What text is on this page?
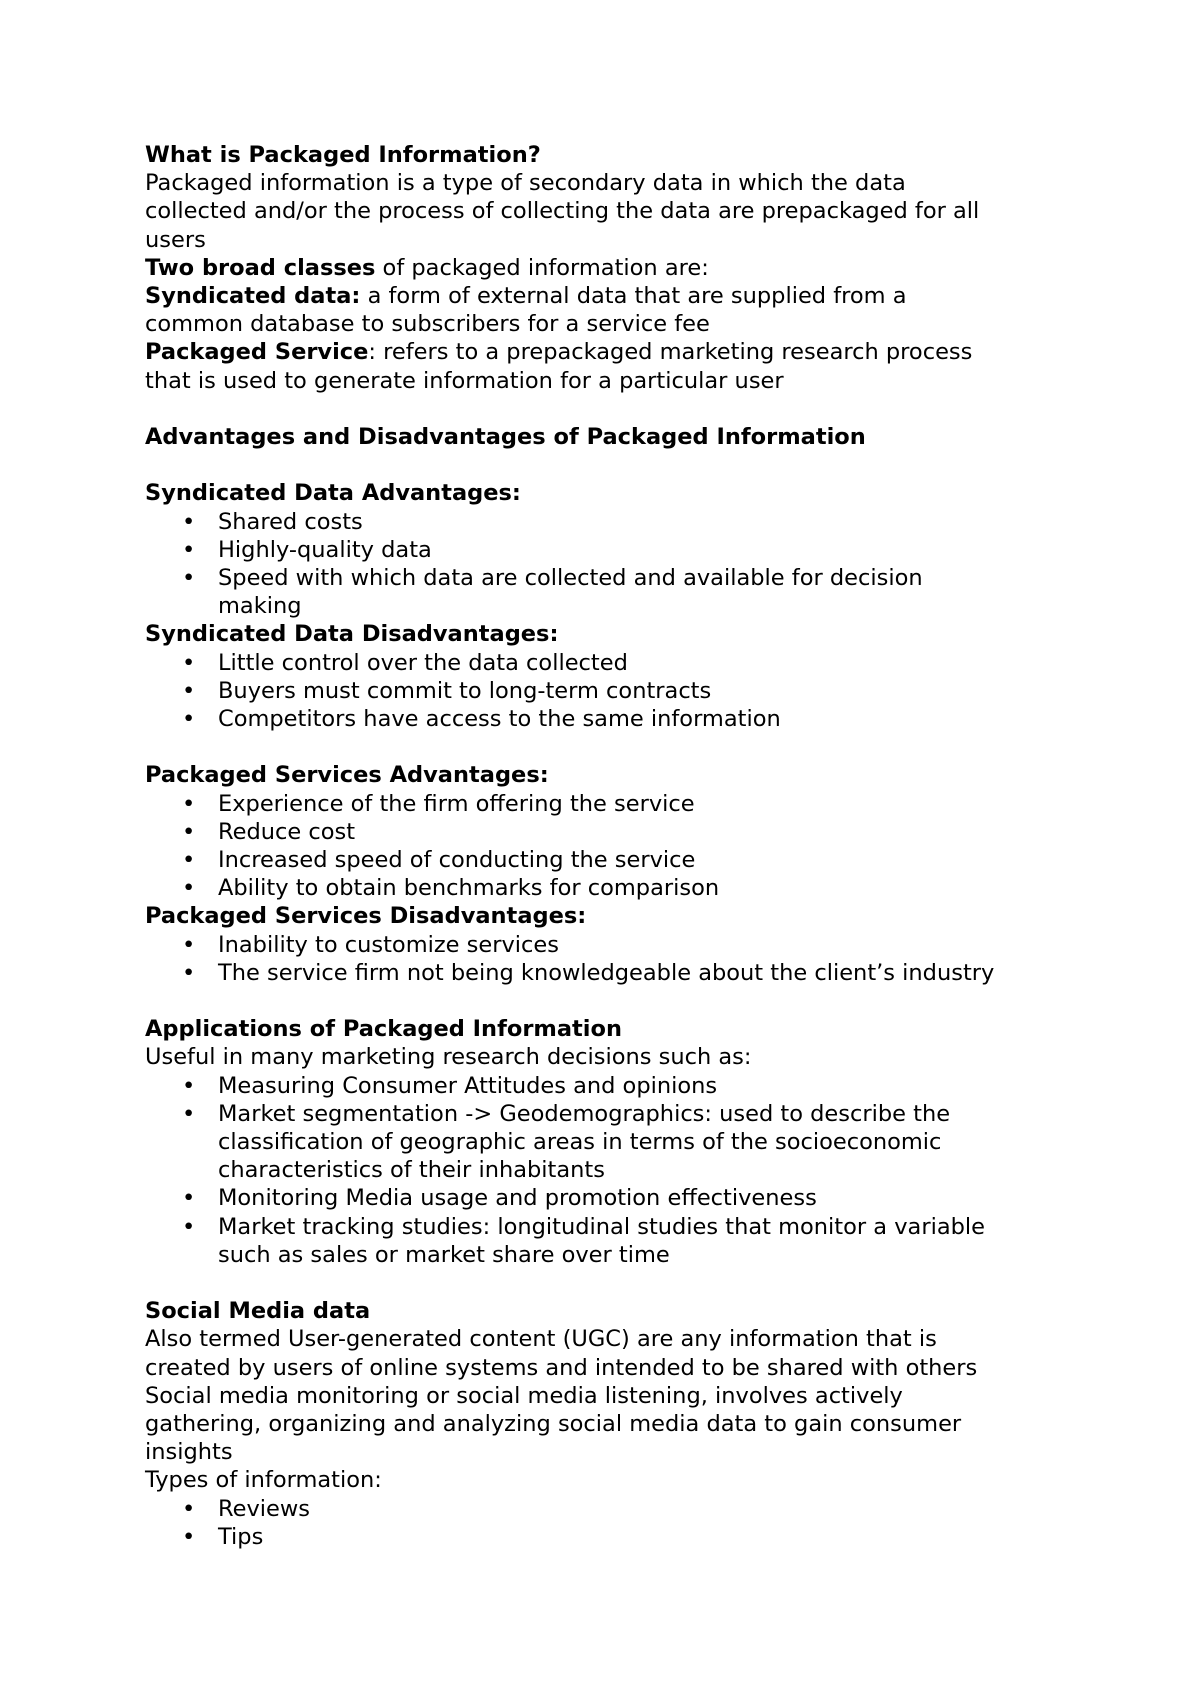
What is Packaged Information?

Packaged information is a type of secondary data in which the data

collected and/or the process of collecting the data are prepackaged for all

users

Two broad classes of packaged information are:

Syndicated data: a form of external data that are supplied from a

common database to subscribers for a service fee

Packaged Service: refers to a prepackaged marketing research process

that is used to generate information for a particular user

Advantages and Disadvantages of Packaged Information

Syndicated Data Advantages:

• Shared costs
• Highly-quality data
• Speed with which data are collected and available for decision
making

Syndicated Data Disadvantages:

• Little control over the data collected
• Buyers must commit to long-term contracts
• Competitors have access to the same information

Packaged Services Advantages:

• Experience of the firm offering the service
• Reduce cost
• Increased speed of conducting the service
• Ability to obtain benchmarks for comparison

Packaged Services Disadvantages:

• Inability to customize services
• The service firm not being knowledgeable about the client’s industry

Applications of Packaged Information

Useful in many marketing research decisions such as:

• Measuring Consumer Attitudes and opinions
• Market segmentation -> Geodemographics: used to describe the
classification of geographic areas in terms of the socioeconomic
characteristics of their inhabitants
• Monitoring Media usage and promotion effectiveness
• Market tracking studies: longitudinal studies that monitor a variable
such as sales or market share over time

Social Media data

Also termed User-generated content (UGC) are any information that is

created by users of online systems and intended to be shared with others

Social media monitoring or social media listening, involves actively

gathering, organizing and analyzing social media data to gain consumer

insights

Types of information:

• Reviews
• Tips
